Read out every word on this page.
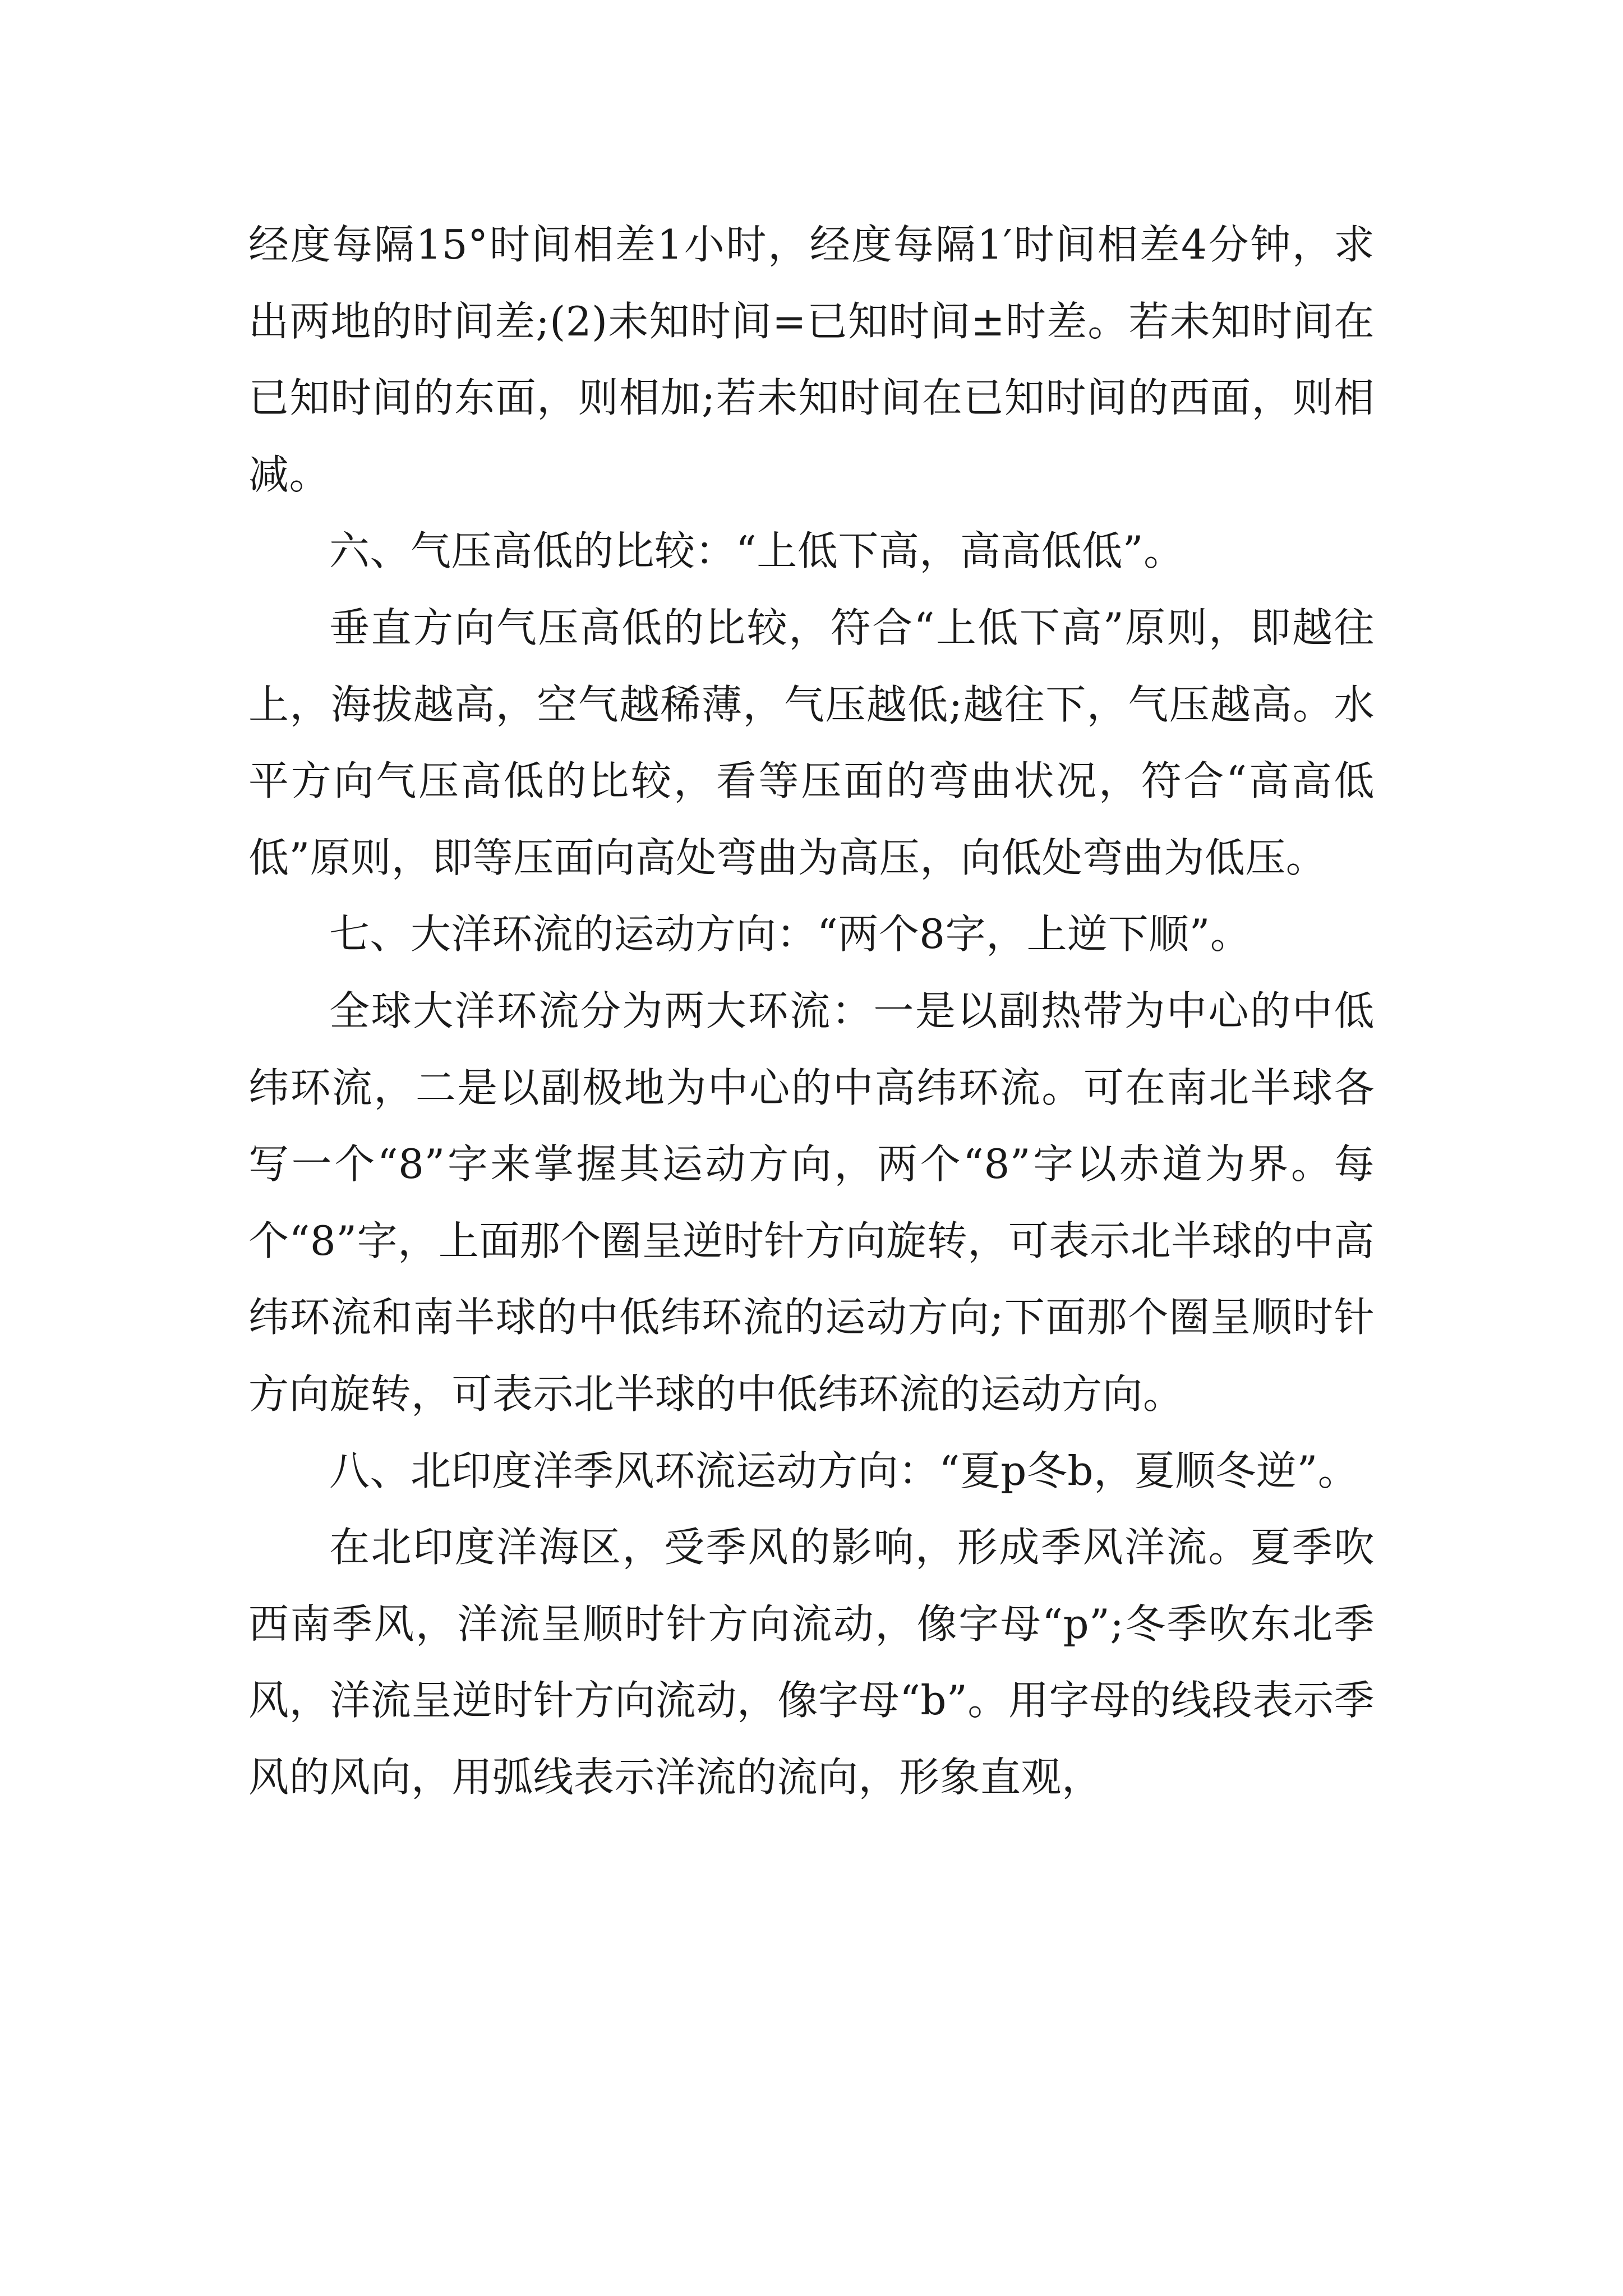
经度每隔15°时间相差1小时，经度每隔1′时间相差4分钟，求出两地的时间差;(2)未知时间=已知时间±时差。若未知时间在已知时间的东面，则相加;若未知时间在已知时间的西面，则相减。

六、气压高低的比较：“上低下高，高高低低”。

垂直方向气压高低的比较，符合“上低下高”原则，即越往上，海拔越高，空气越稀薄，气压越低;越往下，气压越高。水平方向气压高低的比较，看等压面的弯曲状况，符合“高高低低”原则，即等压面向高处弯曲为高压，向低处弯曲为低压。

七、大洋环流的运动方向：“两个8字，上逆下顺”。

全球大洋环流分为两大环流：一是以副热带为中心的中低纬环流，二是以副极地为中心的中高纬环流。可在南北半球各写一个“8”字来掌握其运动方向，两个“8”字以赤道为界。每个“8”字，上面那个圈呈逆时针方向旋转，可表示北半球的中高纬环流和南半球的中低纬环流的运动方向;下面那个圈呈顺时针方向旋转，可表示北半球的中低纬环流的运动方向。

八、北印度洋季风环流运动方向：“夏p冬b，夏顺冬逆”。

在北印度洋海区，受季风的影响，形成季风洋流。夏季吹西南季风，洋流呈顺时针方向流动，像字母“p”;冬季吹东北季风，洋流呈逆时针方向流动，像字母“b”。用字母的线段表示季风的风向，用弧线表示洋流的流向，形象直观，
